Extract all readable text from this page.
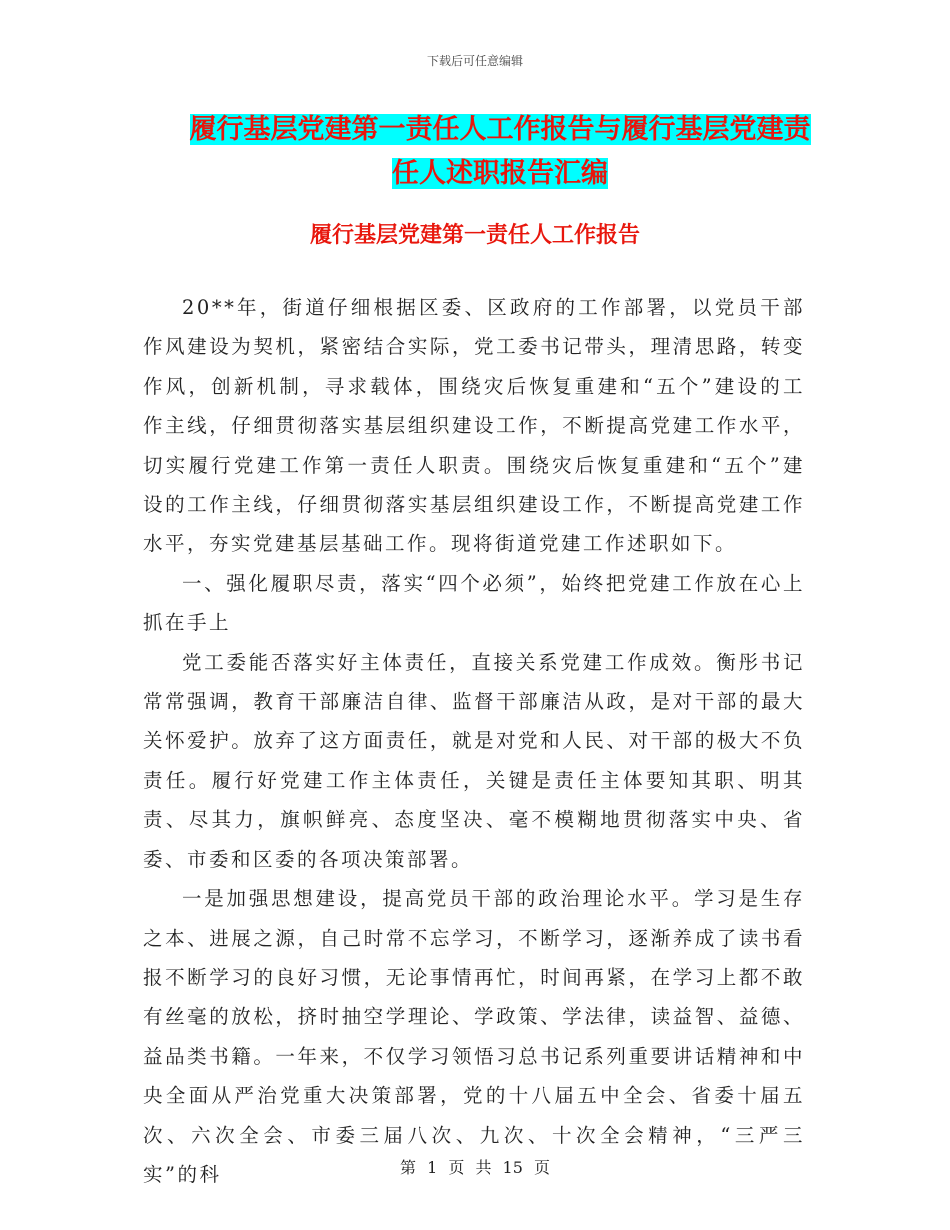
下载后可任意编辑
履行基层党建第一责任人工作报告与履行基层党建责任人述职报告汇编
履行基层党建第一责任人工作报告

20**年，街道仔细根据区委、区政府的工作部署，以党员干部作风建设为契机，紧密结合实际，党工委书记带头，理清思路，转变作风，创新机制，寻求载体，围绕灾后恢复重建和“五个”建设的工作主线，仔细贯彻落实基层组织建设工作，不断提高党建工作水平，切实履行党建工作第一责任人职责。围绕灾后恢复重建和“五个”建设的工作主线，仔细贯彻落实基层组织建设工作，不断提高党建工作水平，夯实党建基层基础工作。现将街道党建工作述职如下。

一、强化履职尽责，落实“四个必须”，始终把党建工作放在心上抓在手上

党工委能否落实好主体责任，直接关系党建工作成效。衡彤书记常常强调，教育干部廉洁自律、监督干部廉洁从政，是对干部的最大关怀爱护。放弃了这方面责任，就是对党和人民、对干部的极大不负责任。履行好党建工作主体责任，关键是责任主体要知其职、明其责、尽其力，旗帜鲜亮、态度坚决、毫不模糊地贯彻落实中央、省委、市委和区委的各项决策部署。

一是加强思想建设，提高党员干部的政治理论水平。学习是生存之本、进展之源，自己时常不忘学习，不断学习，逐渐养成了读书看报不断学习的良好习惯，无论事情再忙，时间再紧，在学习上都不敢有丝毫的放松，挤时抽空学理论、学政策、学法律，读益智、益德、益品类书籍。一年来，不仅学习领悟习总书记系列重要讲话精神和中央全面从严治党重大决策部署，党的十八届五中全会、省委十届五次、六次全会、市委三届八次、九次、十次全会精神，“三严三实”的科	第 1 页 共 15 页
